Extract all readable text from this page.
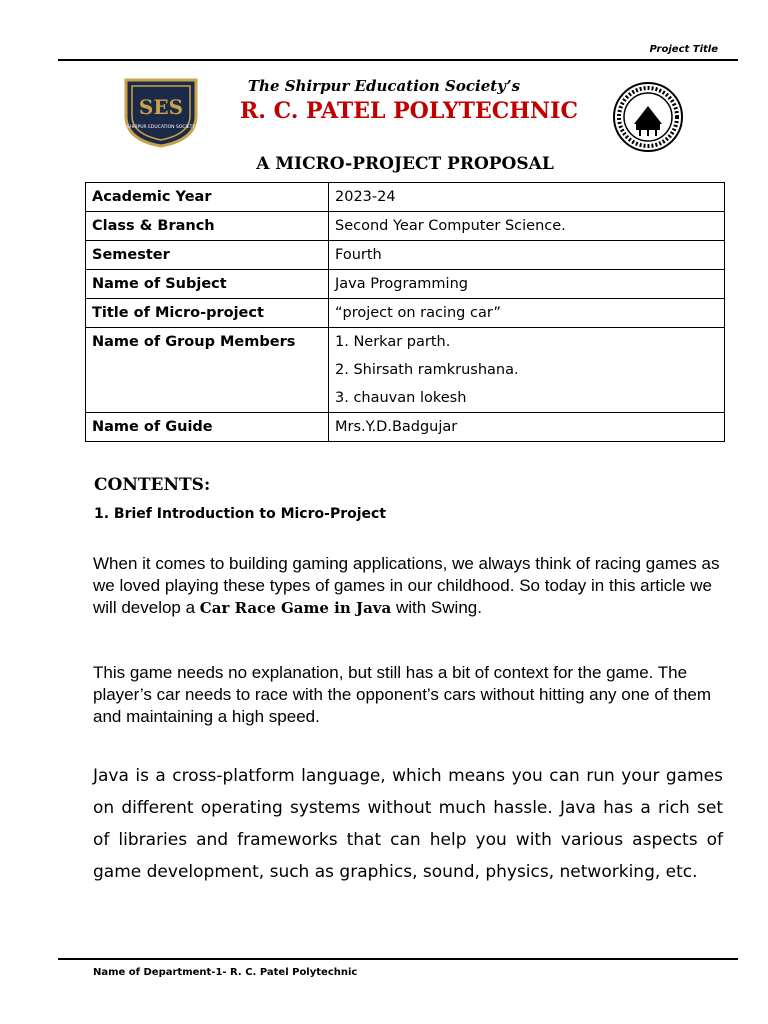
Project Title
SES
SHIRPUR EDUCATION SOCIETY
The Shirpur Education Society’s
R. C. PATEL POLYTECHNIC
A MICRO-PROJECT PROPOSAL
Academic Year	2023-24
Class & Branch	Second Year Computer Science.
Semester	Fourth
Name of Subject	Java Programming
Title of Micro-project	“project on racing car”
Name of Group Members	1. Nerkar parth.
2. Shirsath ramkrushana.
3. chauvan lokesh

Name of Guide	Mrs.Y.D.Badgujar
CONTENTS:
1. Brief Introduction to Micro-Project
When it comes to building gaming applications, we always think of racing games as we loved playing these types of games in our childhood. So today in this article we will develop a Car Race Game in Java with Swing.
This game needs no explanation, but still has a bit of context for the game. The player’s car needs to race with the opponent’s cars without hitting any one of them and maintaining a high speed.
Java is a cross-platform language, which means you can run your games on different operating systems without much hassle. Java has a rich set of libraries and frameworks that can help you with various aspects of game development, such as graphics, sound, physics, networking, etc.
Name of Department-1- R. C. Patel Polytechnic
